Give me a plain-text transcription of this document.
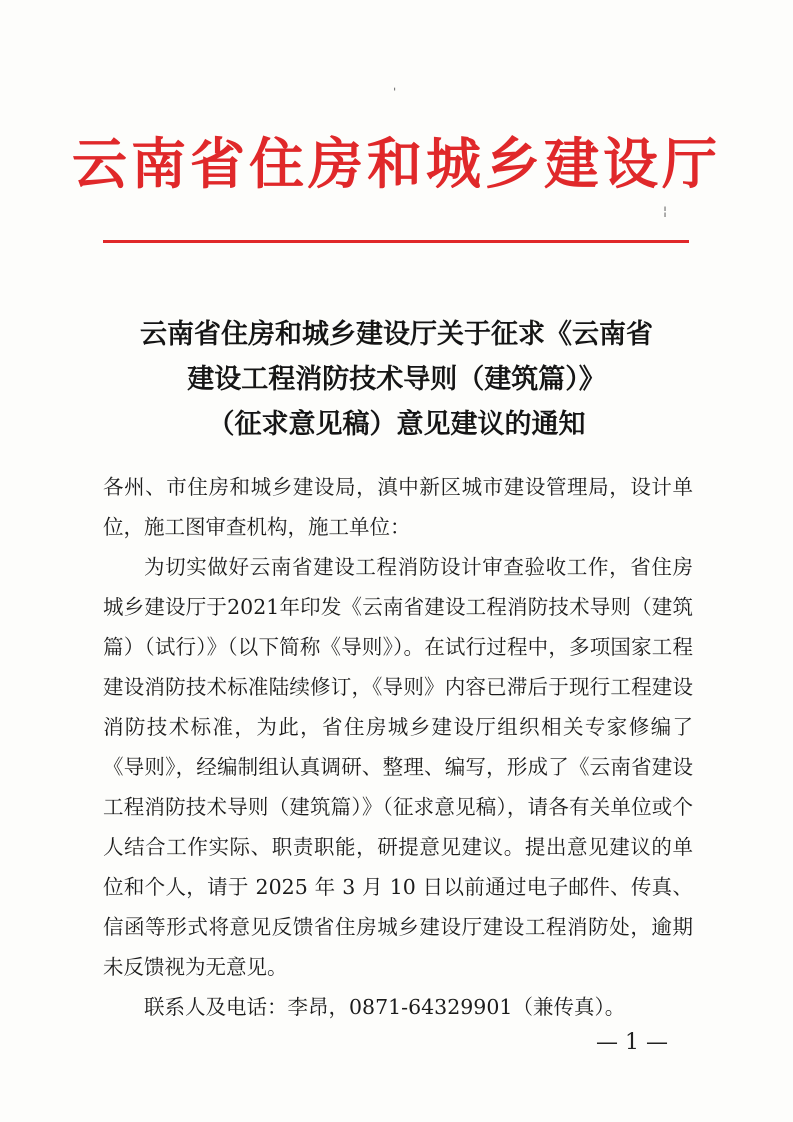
云南省住房和城乡建设厅
ˈ
¦
云南省住房和城乡建设厅关于征求《云南省
建设工程消防技术导则（建筑篇）》
（征求意见稿）意见建议的通知

各州、市住房和城乡建设局，滇中新区城市建设管理局，设计单位，施工图审查机构，施工单位：

为切实做好云南省建设工程消防设计审查验收工作，省住房城乡建设厅于2021年印发《云南省建设工程消防技术导则（建筑篇）（试行）》（以下简称《导则》）。在试行过程中，多项国家工程建设消防技术标准陆续修订，《导则》内容已滞后于现行工程建设消防技术标准，为此，省住房城乡建设厅组织相关专家修编了《导则》，经编制组认真调研、整理、编写，形成了《云南省建设工程消防技术导则（建筑篇）》（征求意见稿），请各有关单位或个人结合工作实际、职责职能，研提意见建议。提出意见建议的单位和个人，请于 2025 年 3 月 10 日以前通过电子邮件、传真、信函等形式将意见反馈省住房城乡建设厅建设工程消防处，逾期未反馈视为无意见。

联系人及电话：李昂，0871-64329901（兼传真）。

— 1 —
